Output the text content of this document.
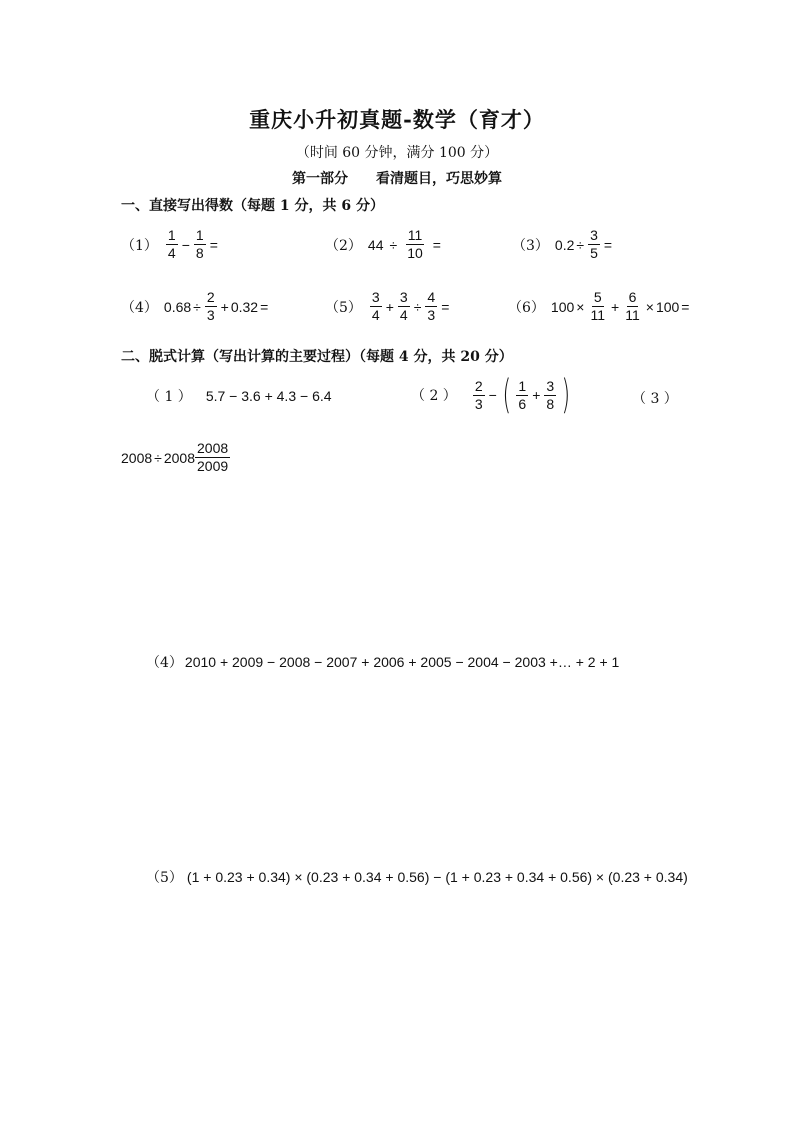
重庆小升初真题-数学（育才）
（时间 60 分钟，满分 100 分）
第一部分 看清题目，巧思妙算
一、直接写出得数（每题 1 分，共 6 分）
$(1) \frac{1}{4} - \frac{1}{8}$ =	（2） $44 \div \frac{11}{10}$ =	（3） $0.2 \div \frac{3}{5}$ =
（4） $0.68 \div \frac{2}{3} + 0.32$ =	$(5) \frac{3}{4} + \frac{3}{4} \div \frac{4}{3}$ =	（6） $100 \times \frac{5}{11} + \frac{6}{11} \times 100$ =
二、脱式计算（写出计算的主要过程）（每题 4 分，共 20 分）
（ 1 ） 5.7 − 3.6 + 4.3 − 6.4	（ 2 ） $\frac{2}{3}$ − ( $\frac{1}{6} + \frac{3}{8}$ )	（ 3 ）
$2008 \div 2008 \frac{2008}{2009}$
（4） 2010 + 2009 − 2008 − 2007 + 2006 + 2005 − 2004 − 2003 +… + 2 + 1
（5） (1 + 0.23 + 0.34) × (0.23 + 0.34 + 0.56) − (1 + 0.23 + 0.34 + 0.56) × (0.23 + 0.34)
